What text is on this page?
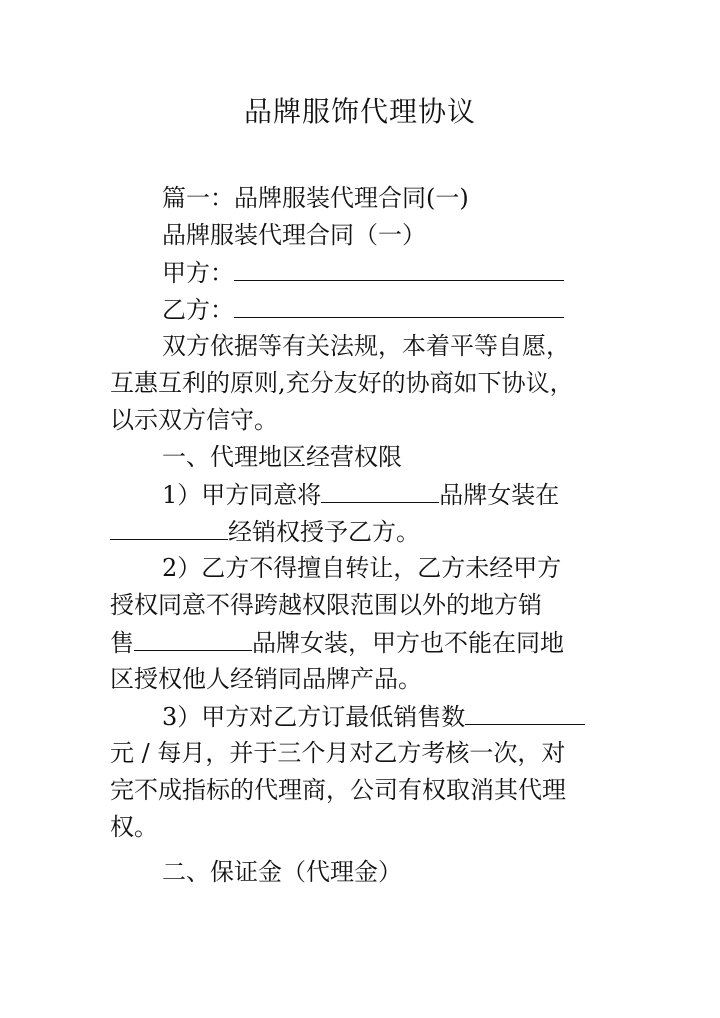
品牌服饰代理协议
篇一：品牌服装代理合同(一)
品牌服装代理合同（一）
甲方：
乙方：
双方依据等有关法规，本着平等自愿，
互惠互利的原则,充分友好的协商如下协议，
以示双方信守。
一、代理地区经营权限
1）甲方同意将	品牌女装在
经销权授予乙方。
2）乙方不得擅自转让，乙方未经甲方
授权同意不得跨越权限范围以外的地方销
售	品牌女装，甲方也不能在同地
区授权他人经销同品牌产品。
3）甲方对乙方订最低销售数
元 / 每月，并于三个月对乙方考核一次，对
完不成指标的代理商，公司有权取消其代理
权。
二、保证金（代理金）
